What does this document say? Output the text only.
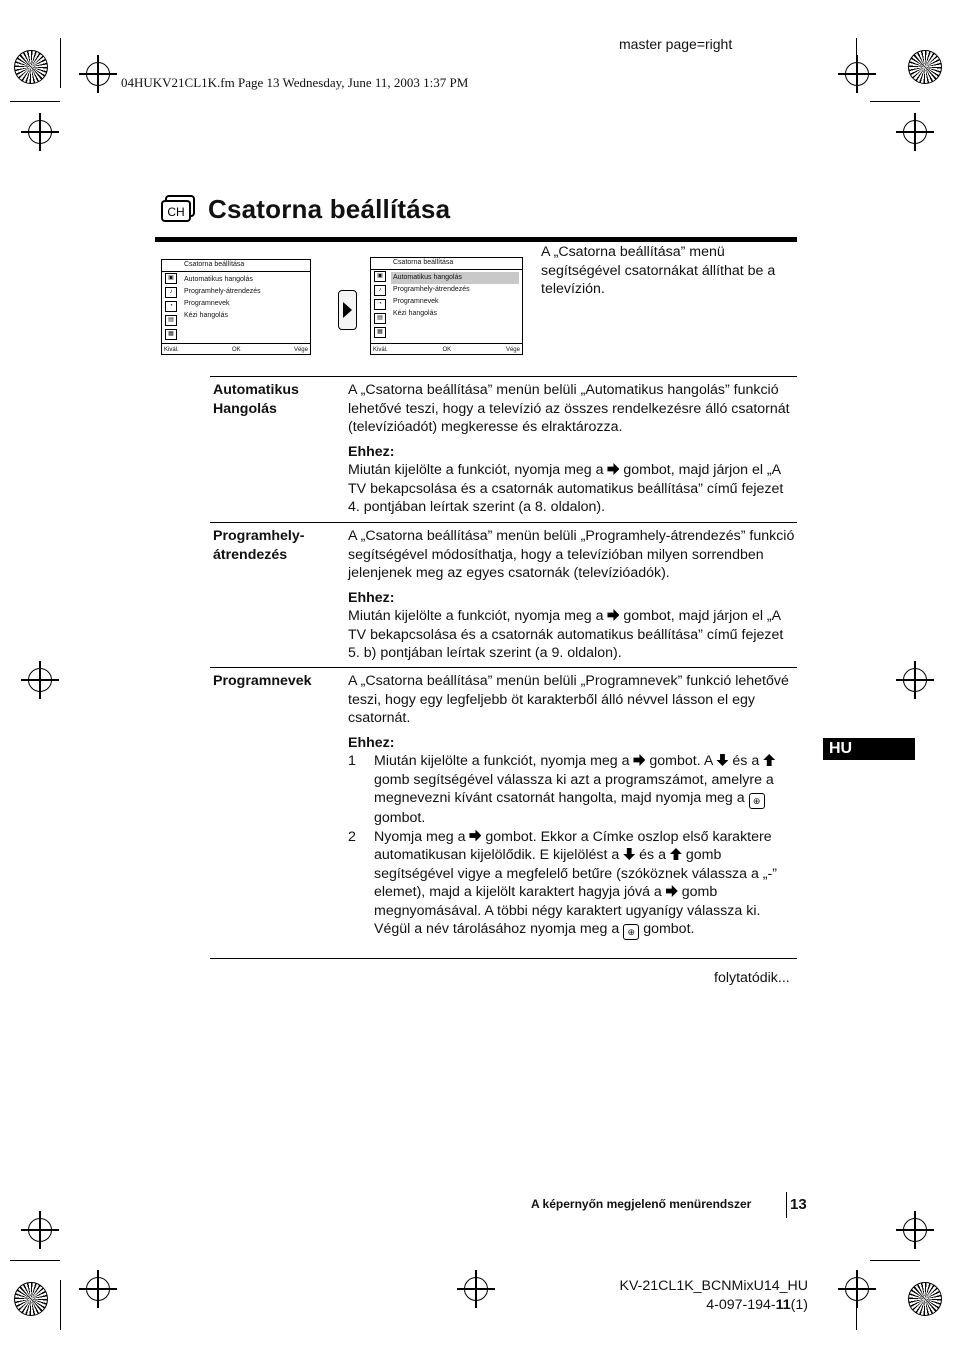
master page=right
04HUKV21CL1K.fm Page 13 Wednesday, June 11, 2003 1:37 PM
CH Csatorna beállítása
Csatorna beállítása
▣
♪
◔
▤
▦
Automatikus hangolás
Programhely-átrendezés
Programnevek
Kézi hangolás
Kivál.	OK	Vége
Csatorna beállítása
▣
♪
◔
▤
▦
Automatikus hangolás
Programhely-átrendezés
Programnevek
Kézi hangolás
Kivál.	OK	Vége
A „Csatorna beállítása” menü segítségével csatornákat állíthat be a televízión.
Automatikus Hangolás

A „Csatorna beállítása” menün belüli „Automatikus hangolás” funkció lehetővé teszi, hogy a televízió az összes rendelkezésre álló csatornát (televízióadót) megkeresse és elraktározza.

Ehhez:
Miután kijelölte a funkciót, nyomja meg a gombot, majd járjon el „A TV bekapcsolása és a csatornák automatikus beállítása” című fejezet 4. pontjában leírtak szerint (a 8. oldalon).
Programhely-átrendezés

A „Csatorna beállítása” menün belüli „Programhely-átrendezés” funkció segítségével módosíthatja, hogy a televízióban milyen sorrendben jelenjenek meg az egyes csatornák (televízióadók).

Ehhez:
Miután kijelölte a funkciót, nyomja meg a gombot, majd járjon el „A TV bekapcsolása és a csatornák automatikus beállítása” című fejezet 5. b) pontjában leírtak szerint (a 9. oldalon).
Programnevek	A „Csatorna beállítása” menün belüli „Programnevek” funkció lehetővé teszi, hogy egy legfeljebb öt karakterből álló névvel lásson el egy csatornát.

Ehhez:
1	Miután kijelölte a funkciót, nyomja meg a gombot. A és a  gomb segítségével válassza ki azt a programszámot, amelyre a megnevezni kívánt csatornát hangolta, majd nyomja meg a ⊕ gombot.
2	Nyomja meg a gombot. Ekkor a Címke oszlop első karaktere automatikusan kijelölődik. E kijelölést a és a gomb segítségével vigye a megfelelő betűre (szóköznek válassza a „-” elemet), majd a kijelölt karaktert hagyja jóvá a gomb megnyomásával. A többi négy karaktert ugyanígy válassza ki. Végül a név tárolásához nyomja meg a ⊕ gombot.
folytatódik...
HU
A képernyőn megjelenő menürendszer	13
KV-21CL1K_BCNMixU14_HU
4-097-194-11(1)
